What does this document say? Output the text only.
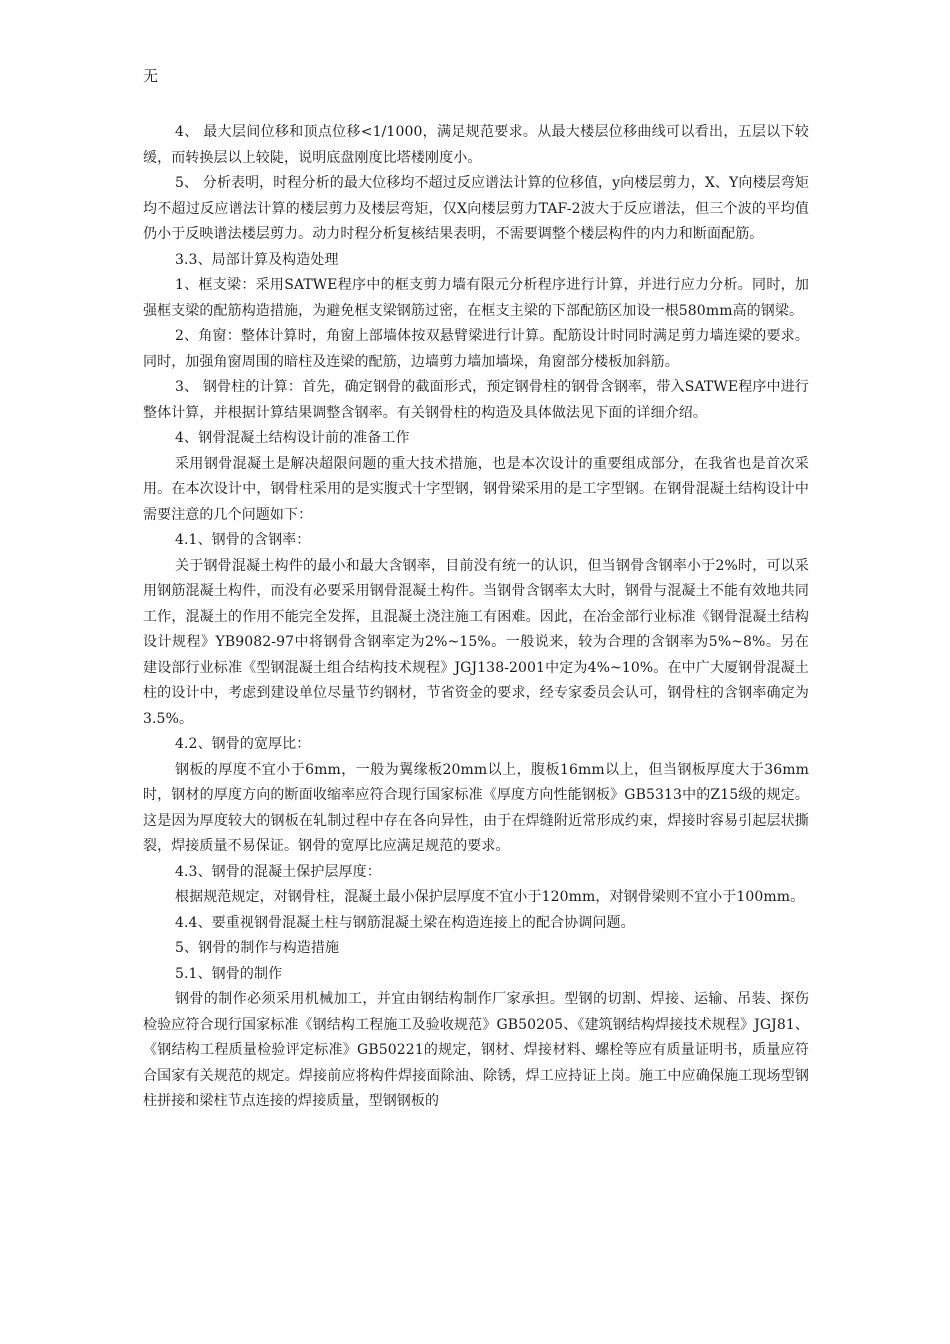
无

4、 最大层间位移和顶点位移<1/1000，满足规范要求。从最大楼层位移曲线可以看出，五层以下较缓，而转换层以上较陡，说明底盘刚度比塔楼刚度小。

5、 分析表明，时程分析的最大位移均不超过反应谱法计算的位移值，y向楼层剪力，X、Y向楼层弯矩均不超过反应谱法计算的楼层剪力及楼层弯矩，仅X向楼层剪力TAF-2波大于反应谱法，但三个波的平均值仍小于反映谱法楼层剪力。动力时程分析复核结果表明，不需要调整个楼层构件的内力和断面配筋。

3.3、局部计算及构造处理

1、框支梁：采用SATWE程序中的框支剪力墙有限元分析程序进行计算，并进行应力分析。同时，加强框支梁的配筋构造措施，为避免框支梁钢筋过密，在框支主梁的下部配筋区加设一根580mm高的钢梁。

2、角窗：整体计算时，角窗上部墙体按双悬臂梁进行计算。配筋设计时同时满足剪力墙连梁的要求。同时，加强角窗周围的暗柱及连梁的配筋，边墙剪力墙加墙垛，角窗部分楼板加斜筋。

3、 钢骨柱的计算：首先，确定钢骨的截面形式，预定钢骨柱的钢骨含钢率，带入SATWE程序中进行整体计算，并根据计算结果调整含钢率。有关钢骨柱的构造及具体做法见下面的详细介绍。

4、钢骨混凝土结构设计前的准备工作

采用钢骨混凝土是解决超限问题的重大技术措施，也是本次设计的重要组成部分，在我省也是首次采用。在本次设计中，钢骨柱采用的是实腹式十字型钢，钢骨梁采用的是工字型钢。在钢骨混凝土结构设计中需要注意的几个问题如下：

4.1、钢骨的含钢率：

关于钢骨混凝土构件的最小和最大含钢率，目前没有统一的认识，但当钢骨含钢率小于2%时，可以采用钢筋混凝土构件，而没有必要采用钢骨混凝土构件。当钢骨含钢率太大时，钢骨与混凝土不能有效地共同工作，混凝土的作用不能完全发挥，且混凝土浇注施工有困难。因此，在冶金部行业标准《钢骨混凝土结构设计规程》YB9082-97中将钢骨含钢率定为2%~15%。一般说来，较为合理的含钢率为5%~8%。另在建设部行业标准《型钢混凝土组合结构技术规程》JGJ138-2001中定为4%~10%。在中广大厦钢骨混凝土柱的设计中，考虑到建设单位尽量节约钢材，节省资金的要求，经专家委员会认可，钢骨柱的含钢率确定为3.5%。

4.2、钢骨的宽厚比：

钢板的厚度不宜小于6mm，一般为翼缘板20mm以上，腹板16mm以上，但当钢板厚度大于36mm时，钢材的厚度方向的断面收缩率应符合现行国家标准《厚度方向性能钢板》GB5313中的Z15级的规定。这是因为厚度较大的钢板在轧制过程中存在各向异性，由于在焊缝附近常形成约束，焊接时容易引起层状撕裂，焊接质量不易保证。钢骨的宽厚比应满足规范的要求。

4.3、钢骨的混凝土保护层厚度：

根据规范规定，对钢骨柱，混凝土最小保护层厚度不宜小于120mm，对钢骨梁则不宜小于100mm。

4.4、要重视钢骨混凝土柱与钢筋混凝土梁在构造连接上的配合协调问题。

5、钢骨的制作与构造措施

5.1、钢骨的制作

钢骨的制作必须采用机械加工，并宜由钢结构制作厂家承担。型钢的切割、焊接、运输、吊装、探伤检验应符合现行国家标准《钢结构工程施工及验收规范》GB50205、《建筑钢结构焊接技术规程》JGJ81、《钢结构工程质量检验评定标准》GB50221的规定，钢材、焊接材料、螺栓等应有质量证明书，质量应符合国家有关规范的规定。焊接前应将构件焊接面除油、除锈，焊工应持证上岗。施工中应确保施工现场型钢柱拼接和梁柱节点连接的焊接质量，型钢钢板的
